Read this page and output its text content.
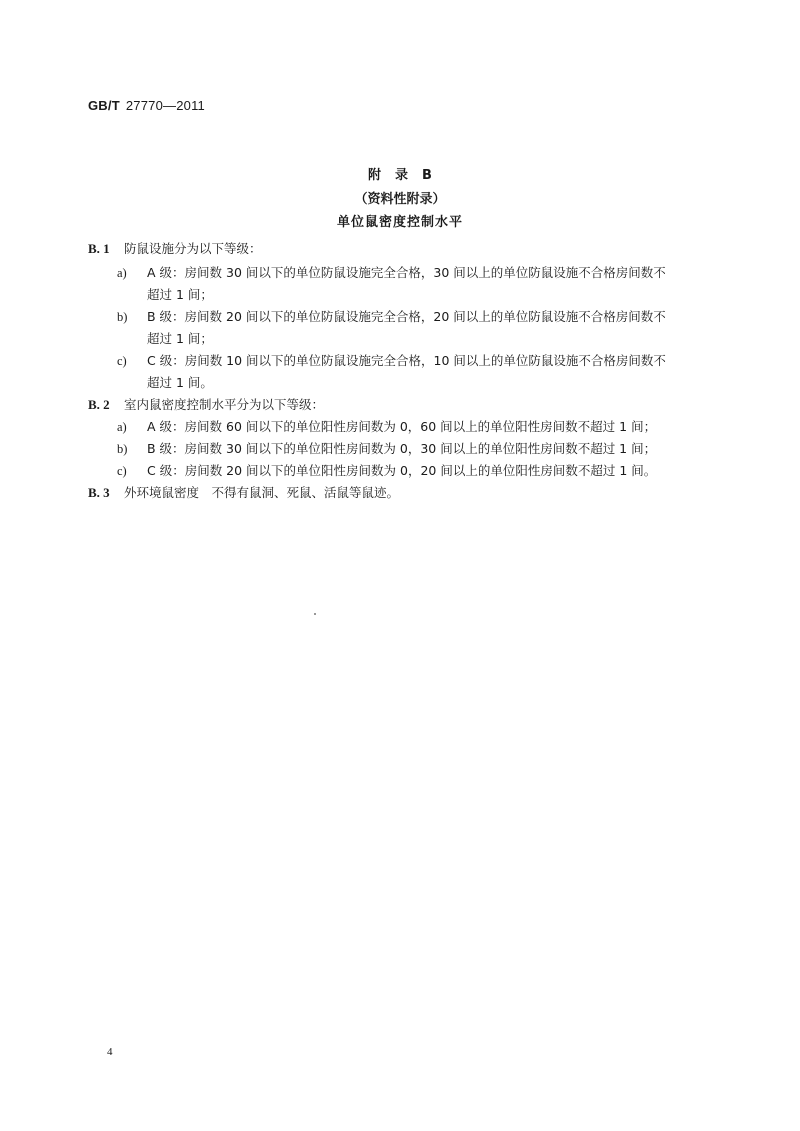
GB/T 27770—2011
附 录 B
（资料性附录）
单位鼠密度控制水平
B. 1 防鼠设施分为以下等级：
a) A 级：房间数 30 间以下的单位防鼠设施完全合格，30 间以上的单位防鼠设施不合格房间数不
超过 1 间；
b) B 级：房间数 20 间以下的单位防鼠设施完全合格，20 间以上的单位防鼠设施不合格房间数不
超过 1 间；
c) C 级：房间数 10 间以下的单位防鼠设施完全合格，10 间以上的单位防鼠设施不合格房间数不
超过 1 间。
B. 2 室内鼠密度控制水平分为以下等级：
a) A 级：房间数 60 间以下的单位阳性房间数为 0，60 间以上的单位阳性房间数不超过 1 间；
b) B 级：房间数 30 间以下的单位阳性房间数为 0，30 间以上的单位阳性房间数不超过 1 间；
c) C 级：房间数 20 间以下的单位阳性房间数为 0，20 间以上的单位阳性房间数不超过 1 间。
B. 3 外环境鼠密度　不得有鼠洞、死鼠、活鼠等鼠迹。
4
